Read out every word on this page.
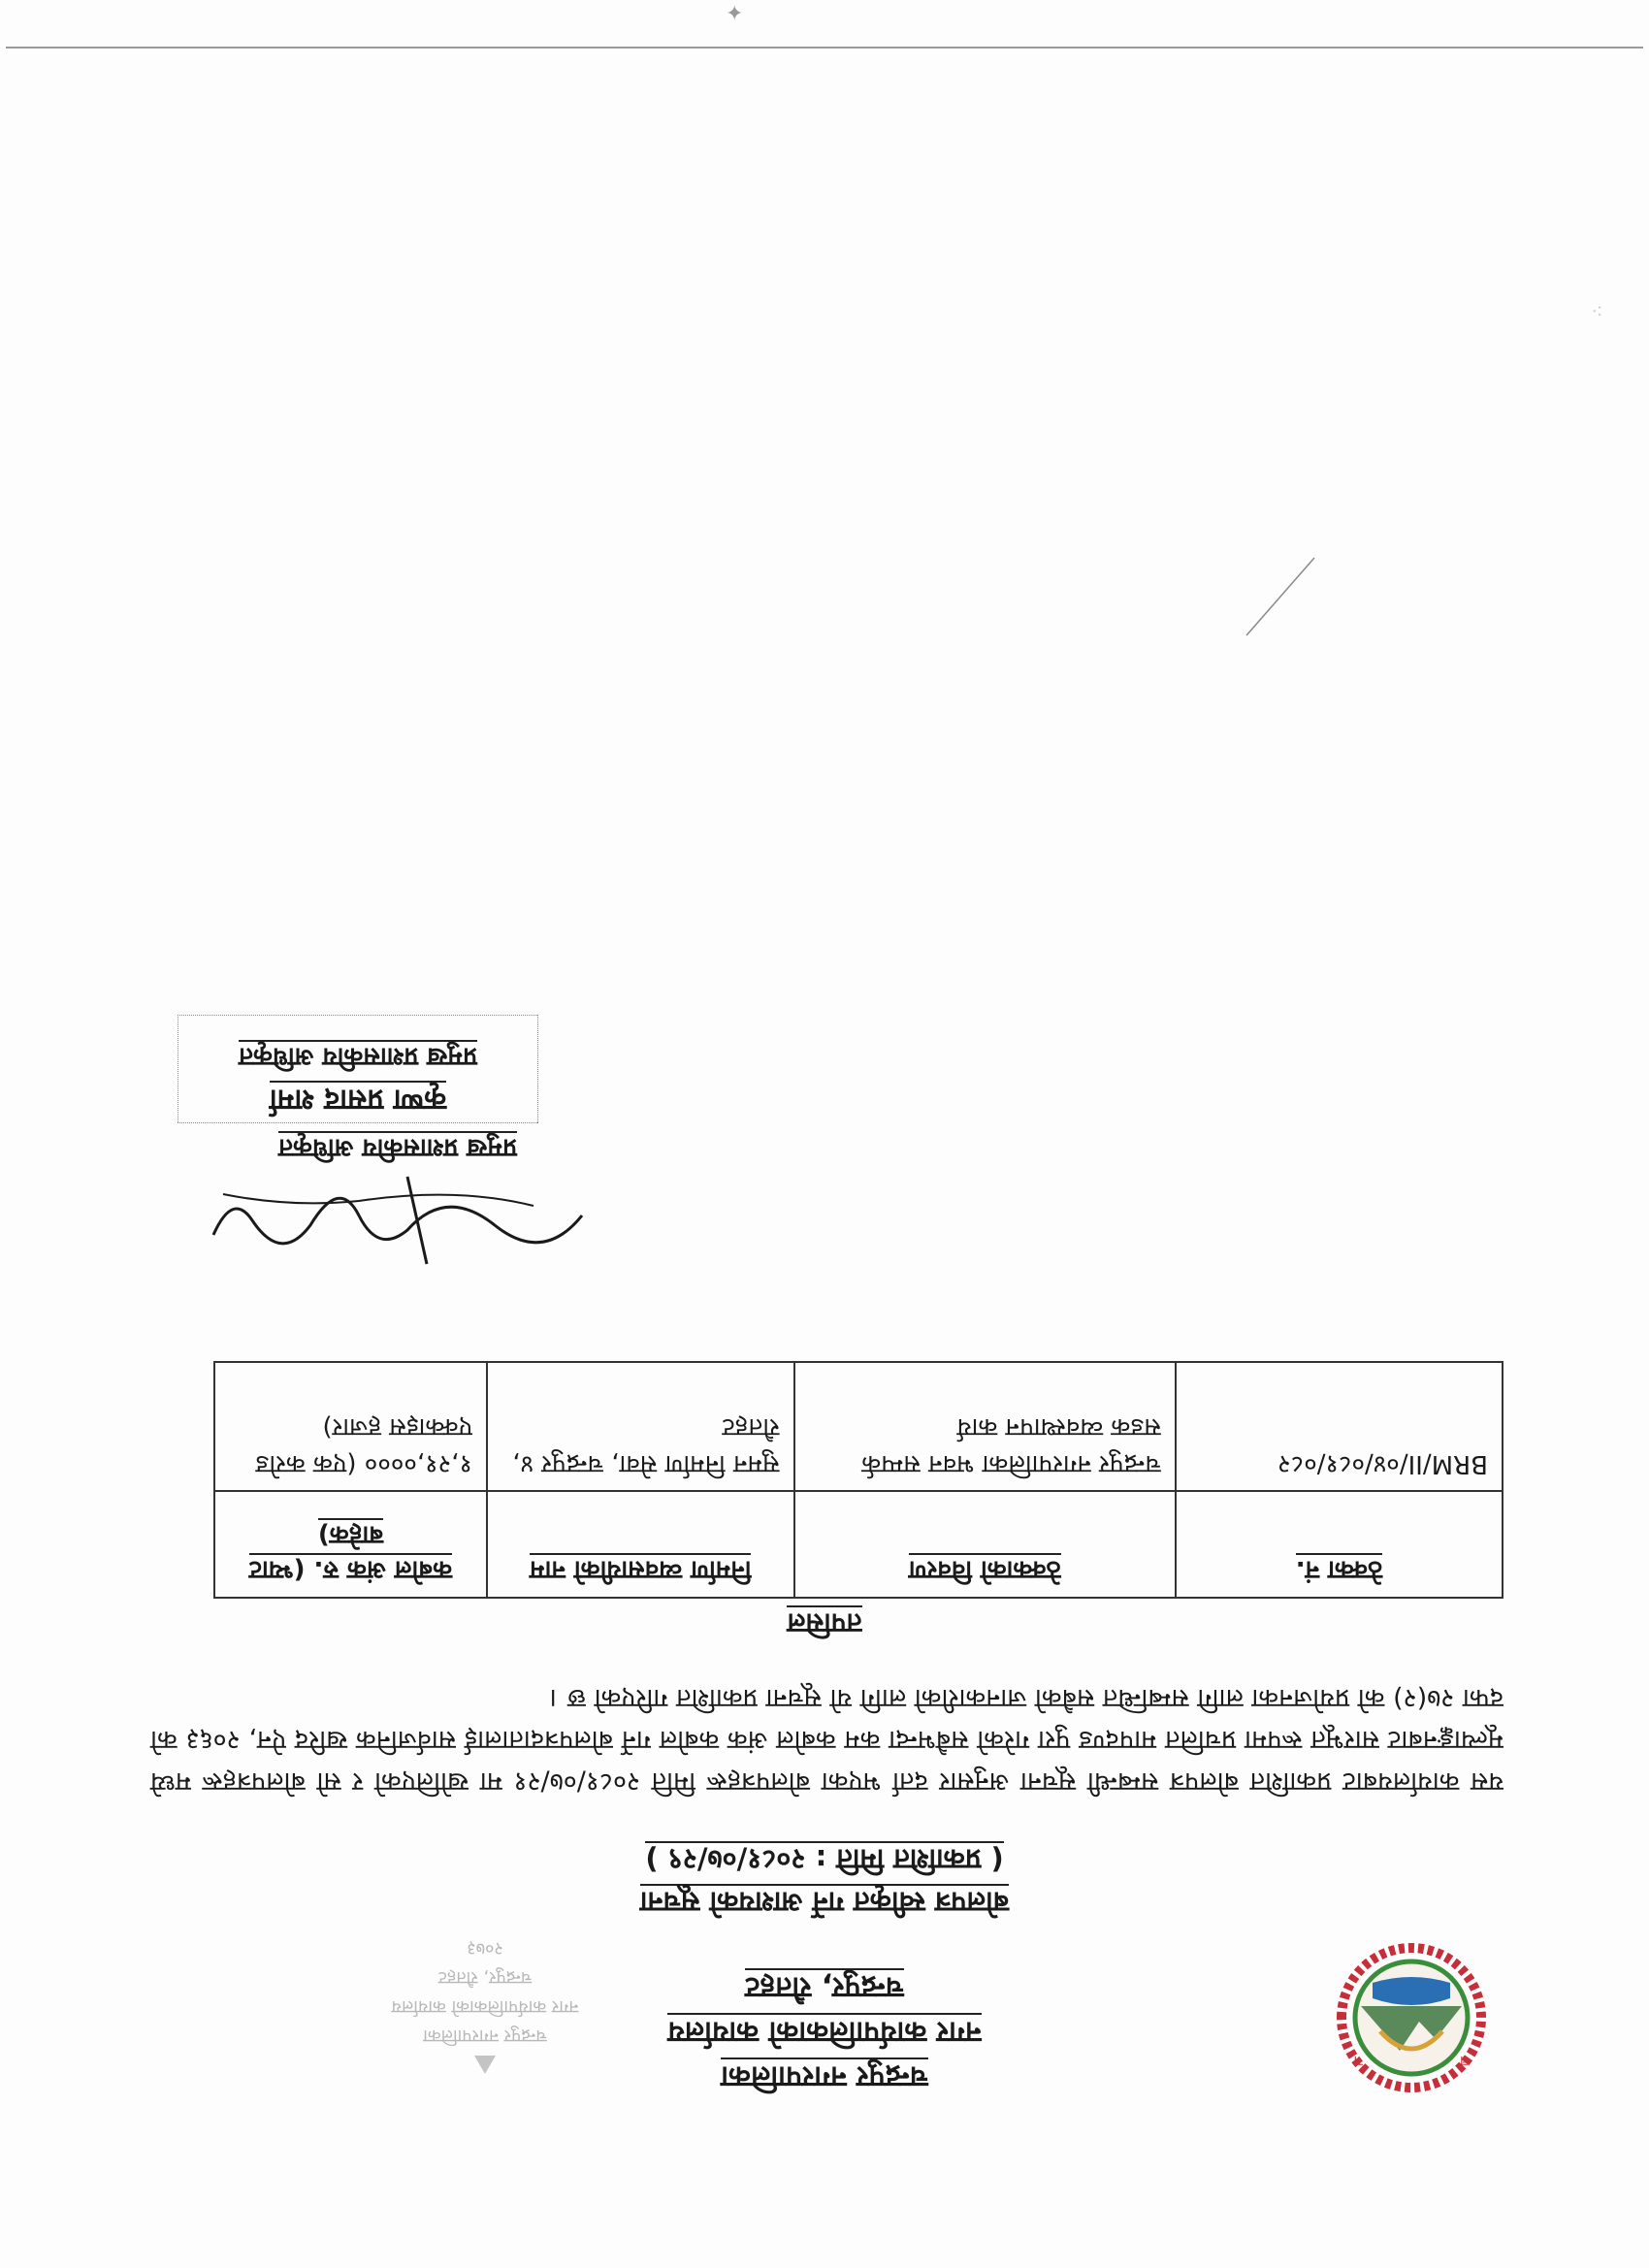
ब
स
चन्द्रपुर नगरपालिका
नगर कार्यपालिकाको कार्यालय
चन्द्रपुर, रौतहट
⛰
चन्द्रपुर नगरपालिका
नगर कार्यपालिकाको कार्यालय
चन्द्रपुर, रौतहट
२०७३
बोलपत्र स्वीकृत गर्ने आशयको सूचना
( प्रकाशित मिति : २०८१/०७/२९ )
यस कार्यालयबाट प्रकाशित बोलपत्र सम्बन्धी सूचना अनुसार दर्ता भएका बोलपत्रहरू मिति २०८१/०७/२१ मा खोलिएको र सो बोलपत्रहरू मध्ये मूल्याङ्कनबाट सारभूत रूपमा प्रचलित मापदण्ड पुरा गरेको सबैभन्दा कम कबोल अंक कबोल गर्ने बोलपत्रदातालाई सार्वजनिक खरिद ऐन, २०६३ को दफा २७(२) को प्रयोजनका लागि सम्बन्धित सबैको जानकारीको लागि यो सूचना प्रकाशित गरिएको छ ।
तपसिल
ठेक्का नं.	ठेक्काको विवरण	निर्माण व्यवसायीको नाम	कबोल अंक रु. (भ्याट बाहेक)
BRM/II/०४/०८१/०८२	चन्द्रपुर नगरपालिका भवन सम्पर्क सडक व्यवस्थापन कार्य	सुमन निर्माण सेवा, चन्द्रपुर ४, रौतहट	१,२१,०००० (एक करोड एक्काइस हजार)
प्रमुख प्रशासकीय अधिकृत
कृष्ण प्रसाद शर्मा
प्रमुख प्रशासकीय अधिकृत
✦
⁖
